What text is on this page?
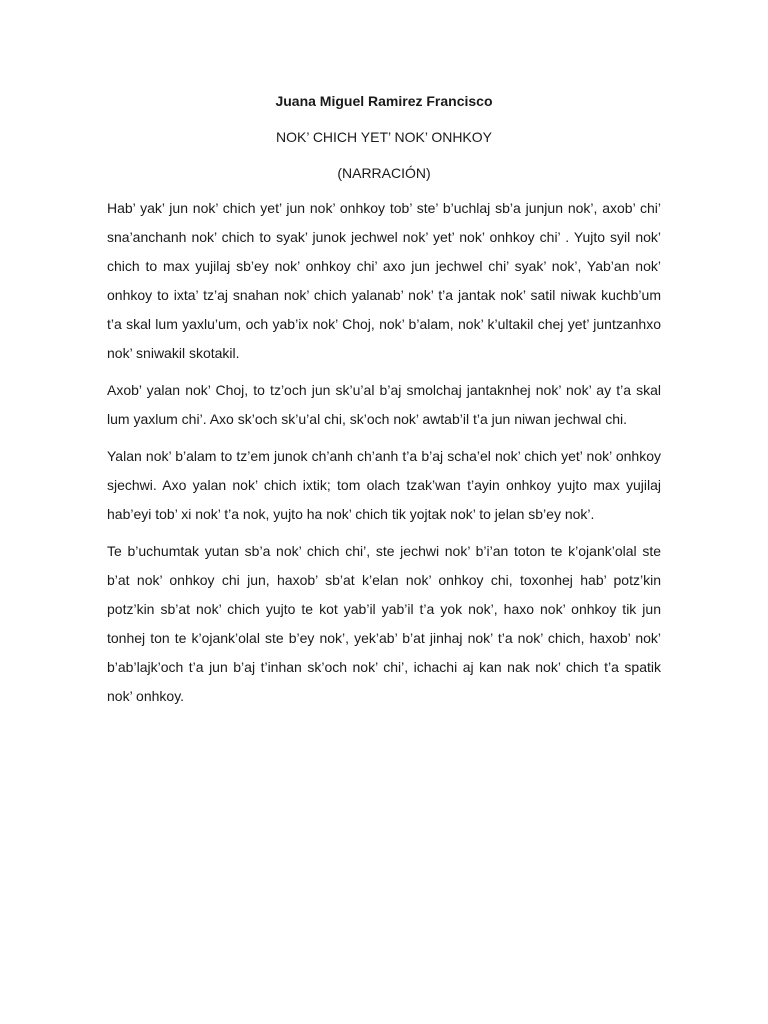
Juana Miguel Ramirez Francisco

NOK’ CHICH YET’ NOK’ ONHKOY

(NARRACIÓN)

Hab’ yak’ jun nok’ chich yet’ jun nok’ onhkoy tob’ ste’ b’uchlaj sb’a junjun nok’, axob’ chi’ sna’anchanh nok’ chich to syak’ junok jechwel nok’ yet’ nok’ onhkoy chi’ . Yujto syil nok’ chich to max yujilaj sb’ey nok’ onhkoy chi’ axo jun jechwel chi’ syak’ nok’, Yab’an nok’ onhkoy to ixta’ tz’aj snahan nok’ chich yalanab’ nok’ t’a jantak nok’ satil niwak kuchb’um t’a skal lum yaxlu’um, och yab’ix nok’ Choj, nok’ b’alam, nok’ k’ultakil chej yet’ juntzanhxo nok’ sniwakil skotakil.

Axob’ yalan nok’ Choj, to tz’och jun sk’u’al b’aj smolchaj jantaknhej nok’ nok’ ay t’a skal lum yaxlum chi’. Axo sk’och sk’u’al chi, sk’och nok’ awtab’il t’a jun niwan jechwal chi.

Yalan nok’ b’alam to tz’em junok ch’anh ch’anh t’a b’aj scha’el nok’ chich yet’ nok’ onhkoy sjechwi. Axo yalan nok’ chich ixtik; tom olach tzak’wan t’ayin onhkoy yujto max yujilaj hab’eyi tob’ xi nok’ t’a nok, yujto ha nok’ chich tik yojtak nok’ to jelan sb’ey nok’.

Te b’uchumtak yutan sb’a nok’ chich chi’, ste jechwi nok’ b’i’an toton te k’ojank’olal ste b’at nok’ onhkoy chi jun, haxob’ sb’at k’elan nok’ onhkoy chi, toxonhej hab’ potz’kin potz’kin sb’at nok’ chich yujto te kot yab’il yab’il t’a yok nok’, haxo nok’ onhkoy tik jun tonhej ton te k’ojank’olal ste b’ey nok’, yek’ab’ b’at jinhaj nok’ t’a nok’ chich, haxob’ nok’ b’ab’lajk’och t’a jun b’aj t’inhan sk’och nok’ chi’, ichachi aj kan nak nok’ chich t’a spatik nok’ onhkoy.
